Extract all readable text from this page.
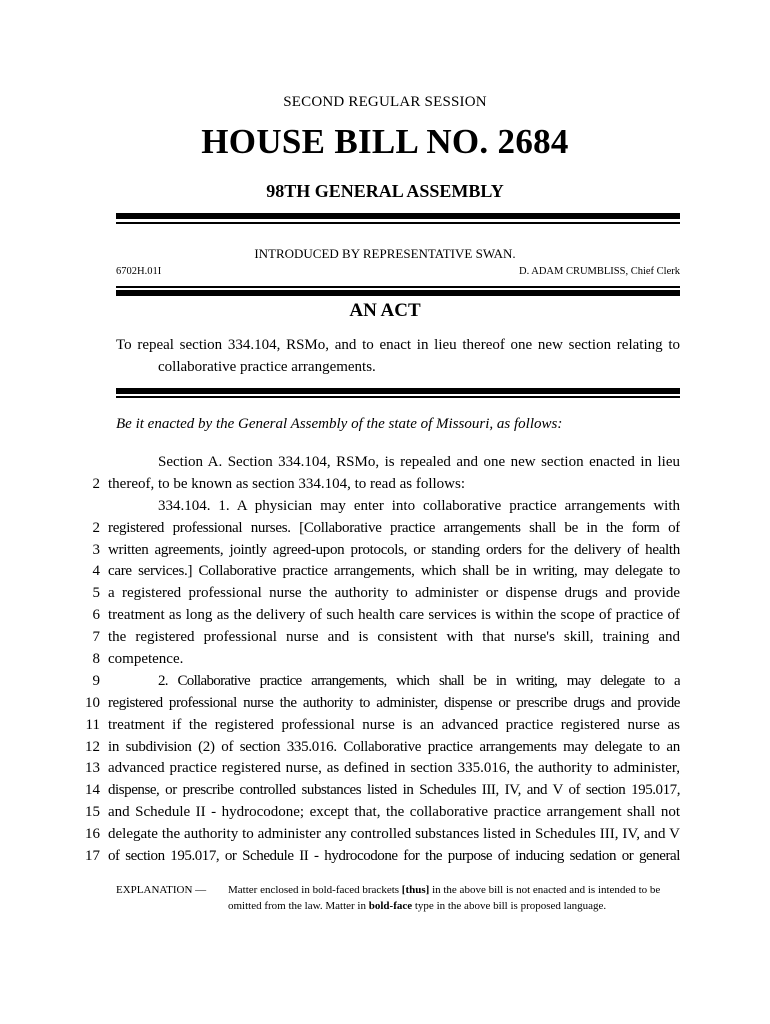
SECOND REGULAR SESSION
HOUSE BILL NO. 2684
98TH GENERAL ASSEMBLY
INTRODUCED BY REPRESENTATIVE SWAN.
6702H.01I	D. ADAM CRUMBLISS, Chief Clerk
AN ACT
To repeal section 334.104, RSMo, and to enact in lieu thereof one new section relating to
collaborative practice arrangements.
Be it enacted by the General Assembly of the state of Missouri, as follows:
Section A. Section 334.104, RSMo, is repealed and one new section enacted in lieu
2 thereof, to be known as section 334.104, to read as follows:
334.104. 1. A physician may enter into collaborative practice arrangements with
2 registered professional nurses. [Collaborative practice arrangements shall be in the form of
3 written agreements, jointly agreed-upon protocols, or standing orders for the delivery of health
4 care services.] Collaborative practice arrangements, which shall be in writing, may delegate to
5 a registered professional nurse the authority to administer or dispense drugs and provide
6 treatment as long as the delivery of such health care services is within the scope of practice of
7 the registered professional nurse and is consistent with that nurse's skill, training and
8 competence.
9	2. Collaborative practice arrangements, which shall be in writing, may delegate to a
10 registered professional nurse the authority to administer, dispense or prescribe drugs and provide
11 treatment if the registered professional nurse is an advanced practice registered nurse as
12 in subdivision (2) of section 335.016. Collaborative practice arrangements may delegate to an
13 advanced practice registered nurse, as defined in section 335.016, the authority to administer,
14 dispense, or prescribe controlled substances listed in Schedules III, IV, and V of section 195.017,
15 and Schedule II - hydrocodone; except that, the collaborative practice arrangement shall not
16 delegate the authority to administer any controlled substances listed in Schedules III, IV, and V
17 of section 195.017, or Schedule II - hydrocodone for the purpose of inducing sedation or general
EXPLANATION — Matter enclosed in bold-faced brackets [thus] in the above bill is not enacted and is intended to be omitted from the law. Matter in bold-face type in the above bill is proposed language.
